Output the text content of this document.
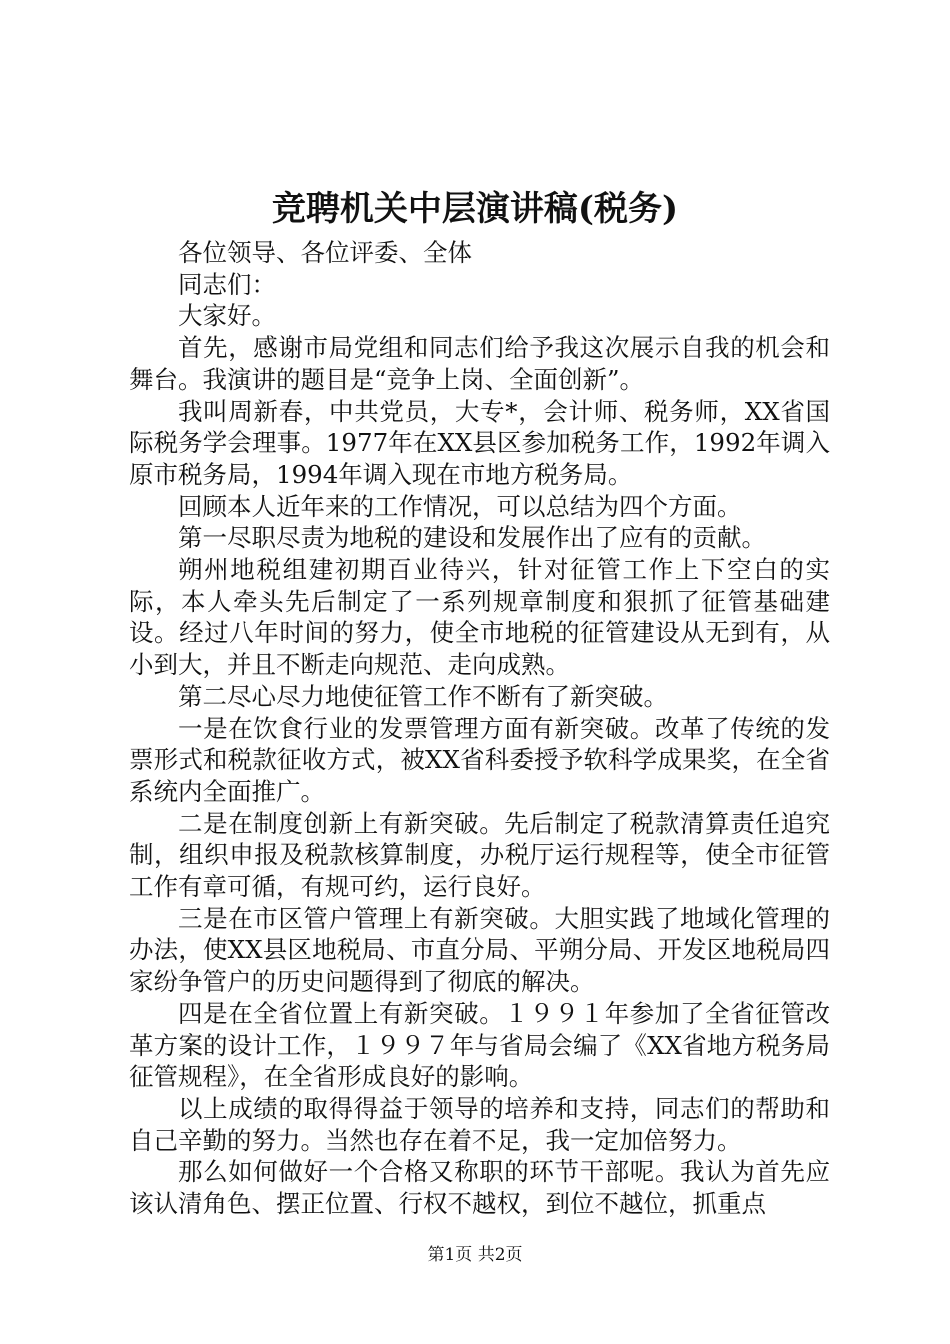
竞聘机关中层演讲稿(税务)

各位领导、各位评委、全体

同志们：

大家好。

首先，感谢市局党组和同志们给予我这次展示自我的机会和舞台。我演讲的题目是“竞争上岗、全面创新”。

我叫周新春，中共党员，大专*，会计师、税务师，XX省国际税务学会理事。1977年在XX县区参加税务工作，1992年调入原市税务局，1994年调入现在市地方税务局。

回顾本人近年来的工作情况，可以总结为四个方面。

第一尽职尽责为地税的建设和发展作出了应有的贡献。

朔州地税组建初期百业待兴，针对征管工作上下空白的实际，本人牵头先后制定了一系列规章制度和狠抓了征管基础建设。经过八年时间的努力，使全市地税的征管建设从无到有，从小到大，并且不断走向规范、走向成熟。

第二尽心尽力地使征管工作不断有了新突破。

一是在饮食行业的发票管理方面有新突破。改革了传统的发票形式和税款征收方式，被XX省科委授予软科学成果奖，在全省系统内全面推广。

二是在制度创新上有新突破。先后制定了税款清算责任追究制，组织申报及税款核算制度，办税厅运行规程等，使全市征管工作有章可循，有规可约，运行良好。

三是在市区管户管理上有新突破。大胆实践了地域化管理的办法，使XX县区地税局、市直分局、平朔分局、开发区地税局四家纷争管户的历史问题得到了彻底的解决。

四是在全省位置上有新突破。１９９１年参加了全省征管改革方案的设计工作，１９９７年与省局会编了《XX省地方税务局征管规程》，在全省形成良好的影响。

以上成绩的取得得益于领导的培养和支持，同志们的帮助和自己辛勤的努力。当然也存在着不足，我一定加倍努力。

那么如何做好一个合格又称职的环节干部呢。我认为首先应该认清角色、摆正位置、行权不越权，到位不越位，抓重点

第1页 共2页
